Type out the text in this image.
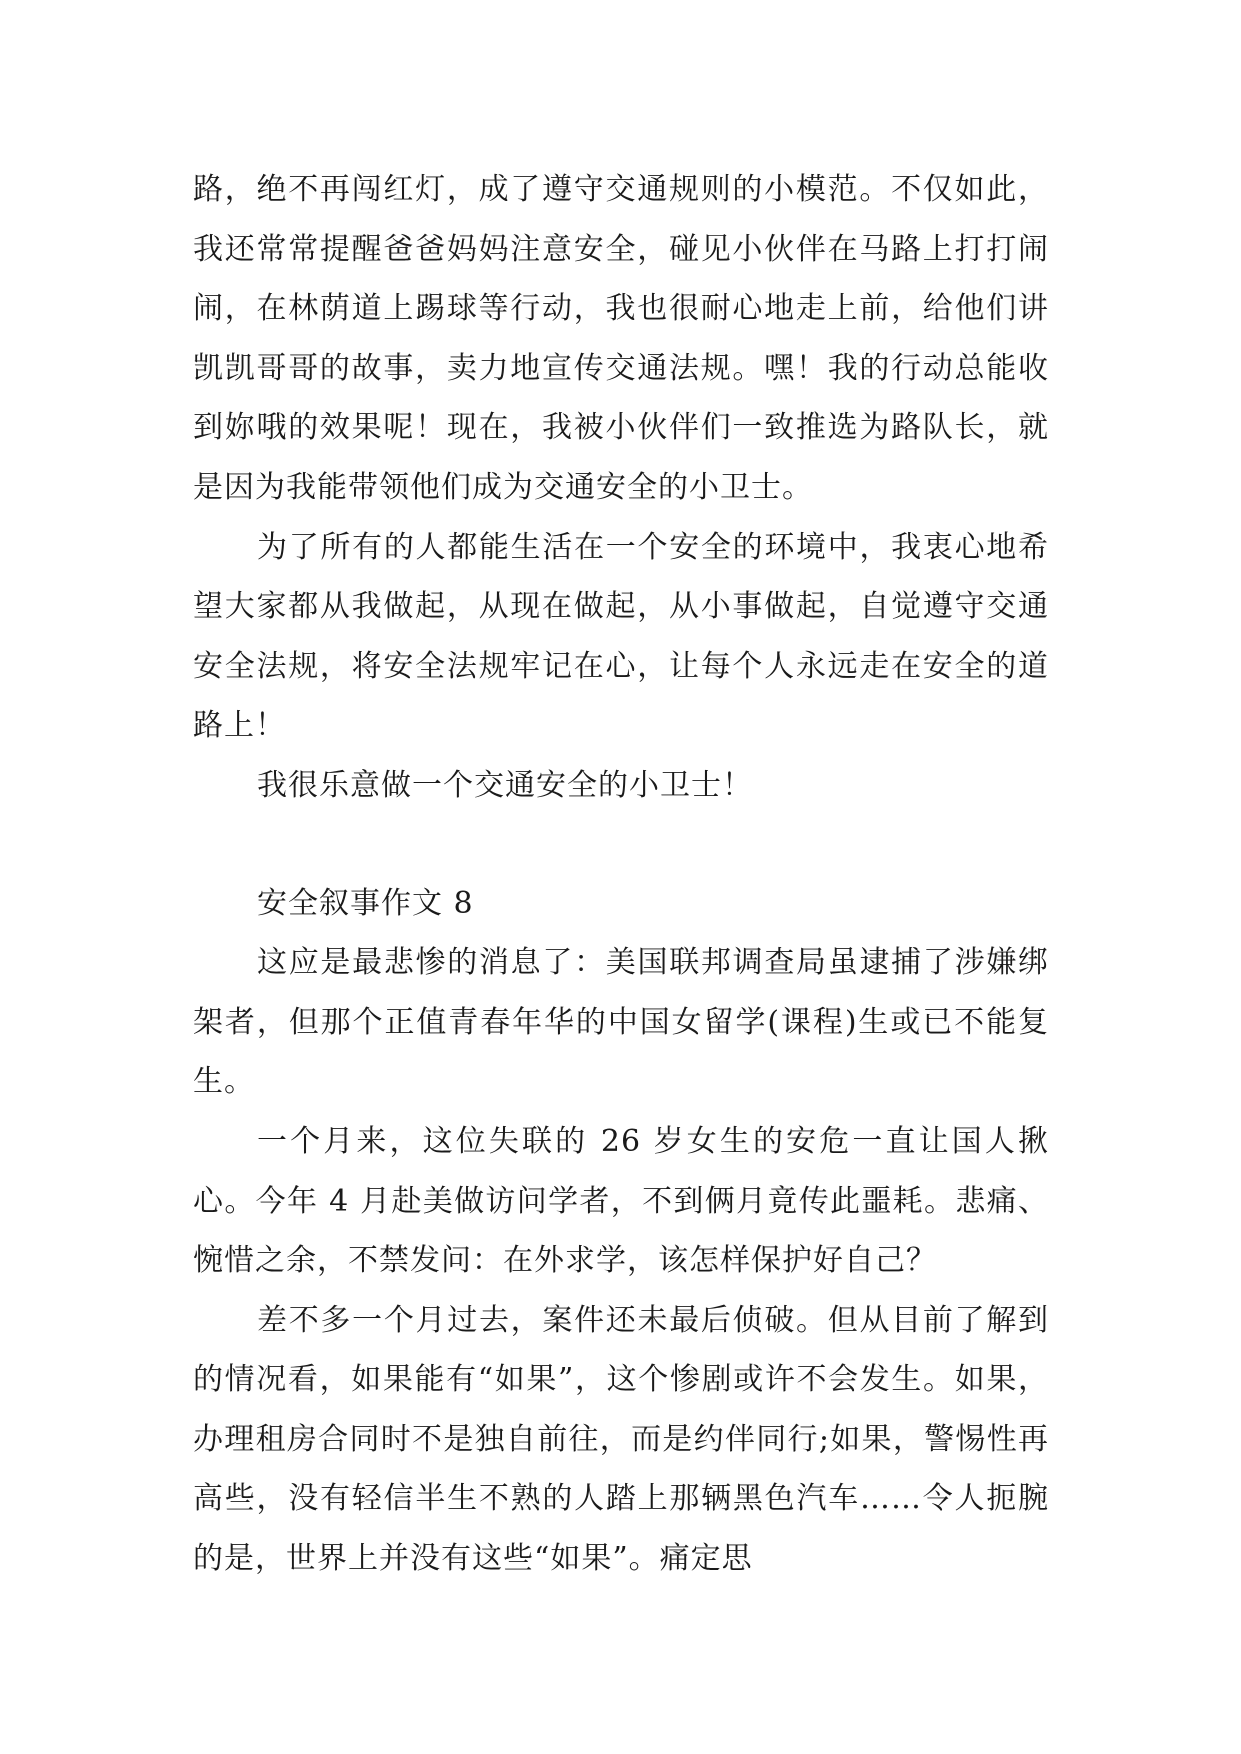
路，绝不再闯红灯，成了遵守交通规则的小模范。不仅如此，我还常常提醒爸爸妈妈注意安全，碰见小伙伴在马路上打打闹闹，在林荫道上踢球等行动，我也很耐心地走上前，给他们讲凯凯哥哥的故事，卖力地宣传交通法规。嘿！我的行动总能收到妳哦的效果呢！现在，我被小伙伴们一致推选为路队长，就是因为我能带领他们成为交通安全的小卫士。

为了所有的人都能生活在一个安全的环境中，我衷心地希望大家都从我做起，从现在做起，从小事做起，自觉遵守交通安全法规，将安全法规牢记在心，让每个人永远走在安全的道路上！

我很乐意做一个交通安全的小卫士！

安全叙事作文 8

这应是最悲惨的消息了：美国联邦调查局虽逮捕了涉嫌绑架者，但那个正值青春年华的中国女留学(课程)生或已不能复生。

一个月来，这位失联的 26 岁女生的安危一直让国人揪心。今年 4 月赴美做访问学者，不到俩月竟传此噩耗。悲痛、惋惜之余，不禁发问：在外求学，该怎样保护好自己？

差不多一个月过去，案件还未最后侦破。但从目前了解到的情况看，如果能有“如果”，这个惨剧或许不会发生。如果，办理租房合同时不是独自前往，而是约伴同行;如果，警惕性再高些，没有轻信半生不熟的人踏上那辆黑色汽车……令人扼腕的是，世界上并没有这些“如果”。痛定思
